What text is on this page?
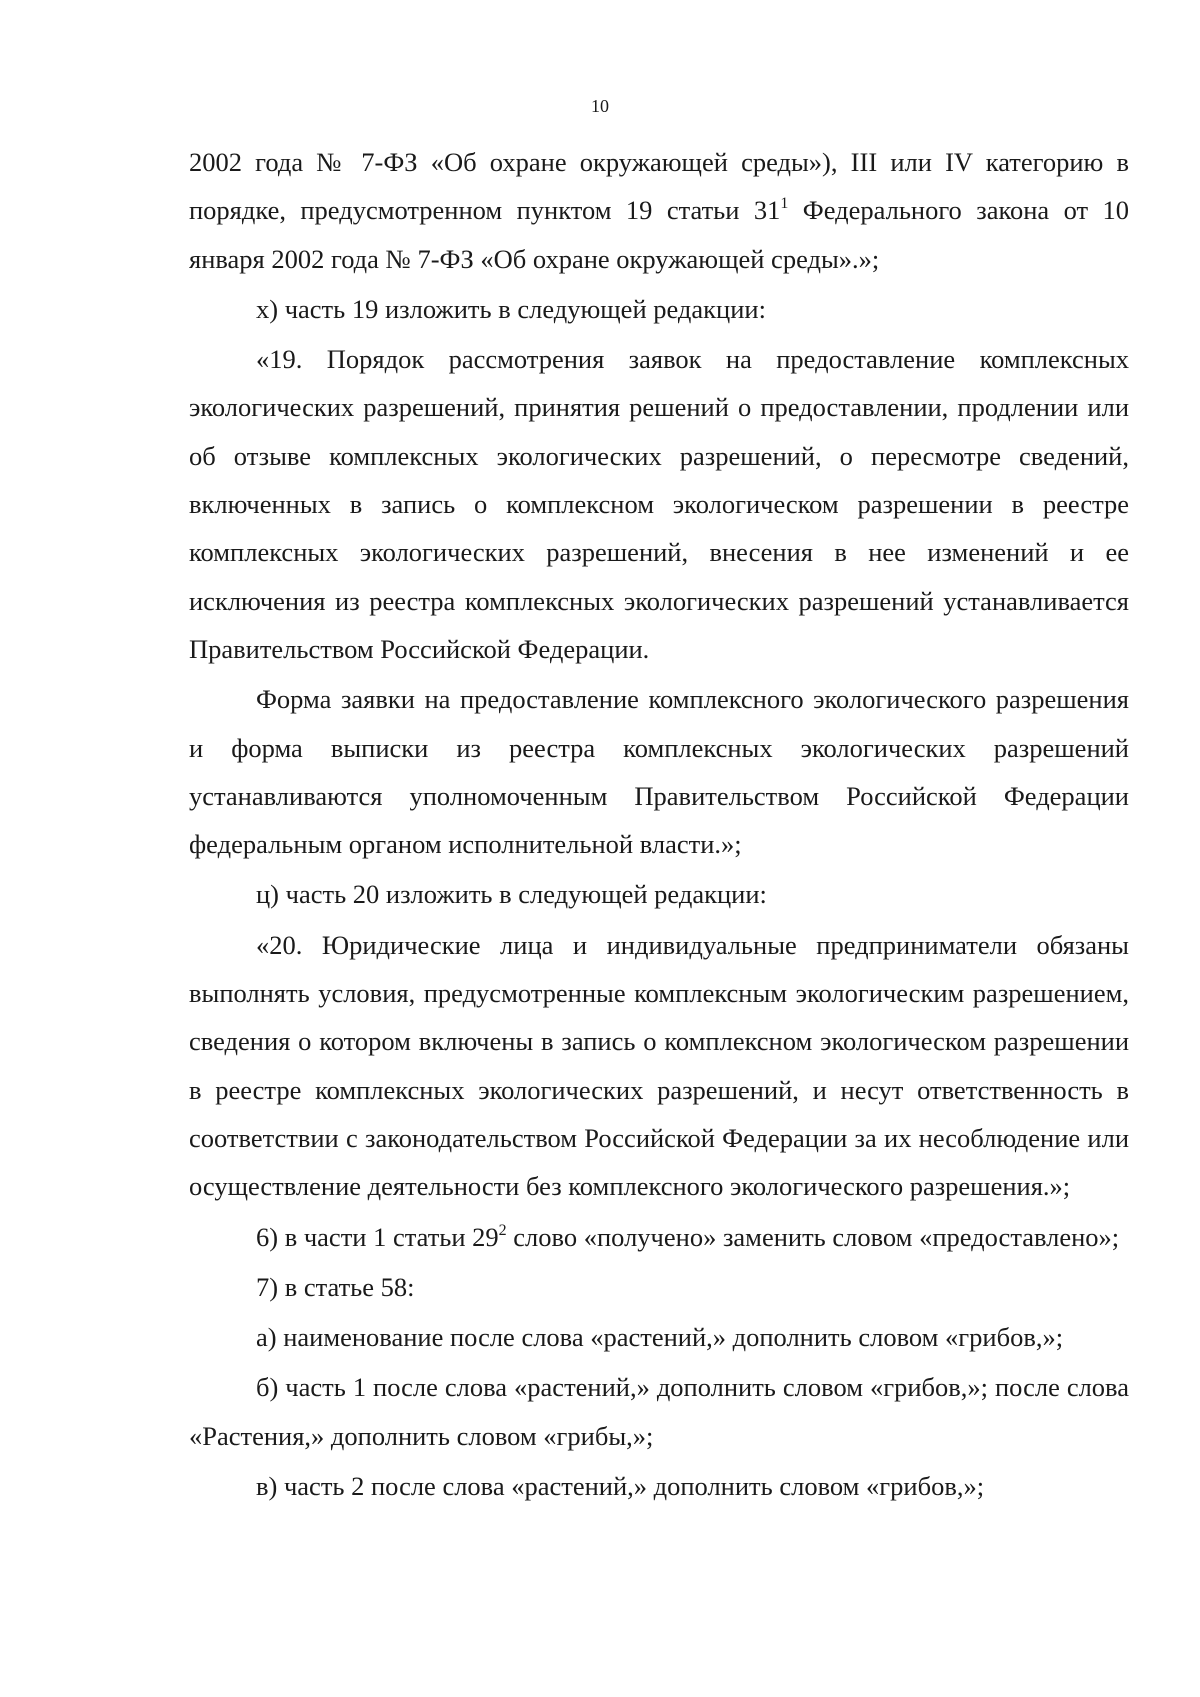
10

2002 года № 7-ФЗ «Об охране окружающей среды»), III или IV категорию в порядке, предусмотренном пунктом 19 статьи $31^1$ Федерального закона от 10 января 2002 года № 7-ФЗ «Об охране окружающей среды».»;

х) часть 19 изложить в следующей редакции:

«19. Порядок рассмотрения заявок на предоставление комплексных экологических разрешений, принятия решений о предоставлении, продлении или об отзыве комплексных экологических разрешений, о пересмотре сведений, включенных в запись о комплексном экологическом разрешении в реестре комплексных экологических разрешений, внесения в нее изменений и ее исключения из реестра комплексных экологических разрешений устанавливается Правительством Российской Федерации.

Форма заявки на предоставление комплексного экологического разрешения и форма выписки из реестра комплексных экологических разрешений устанавливаются уполномоченным Правительством Российской Федерации федеральным органом исполнительной власти.»;

ц) часть 20 изложить в следующей редакции:

«20. Юридические лица и индивидуальные предприниматели обязаны выполнять условия, предусмотренные комплексным экологическим разрешением, сведения о котором включены в запись о комплексном экологическом разрешении в реестре комплексных экологических разрешений, и несут ответственность в соответствии с законодательством Российской Федерации за их несоблюдение или осуществление деятельности без комплексного экологического разрешения.»;

6) в части 1 статьи $29^2$ слово «получено» заменить словом «предоставлено»;

7) в статье 58:

а) наименование после слова «растений,» дополнить словом «грибов,»;

б) часть 1 после слова «растений,» дополнить словом «грибов,»; после слова «Растения,» дополнить словом «грибы,»;

в) часть 2 после слова «растений,» дополнить словом «грибов,»;
